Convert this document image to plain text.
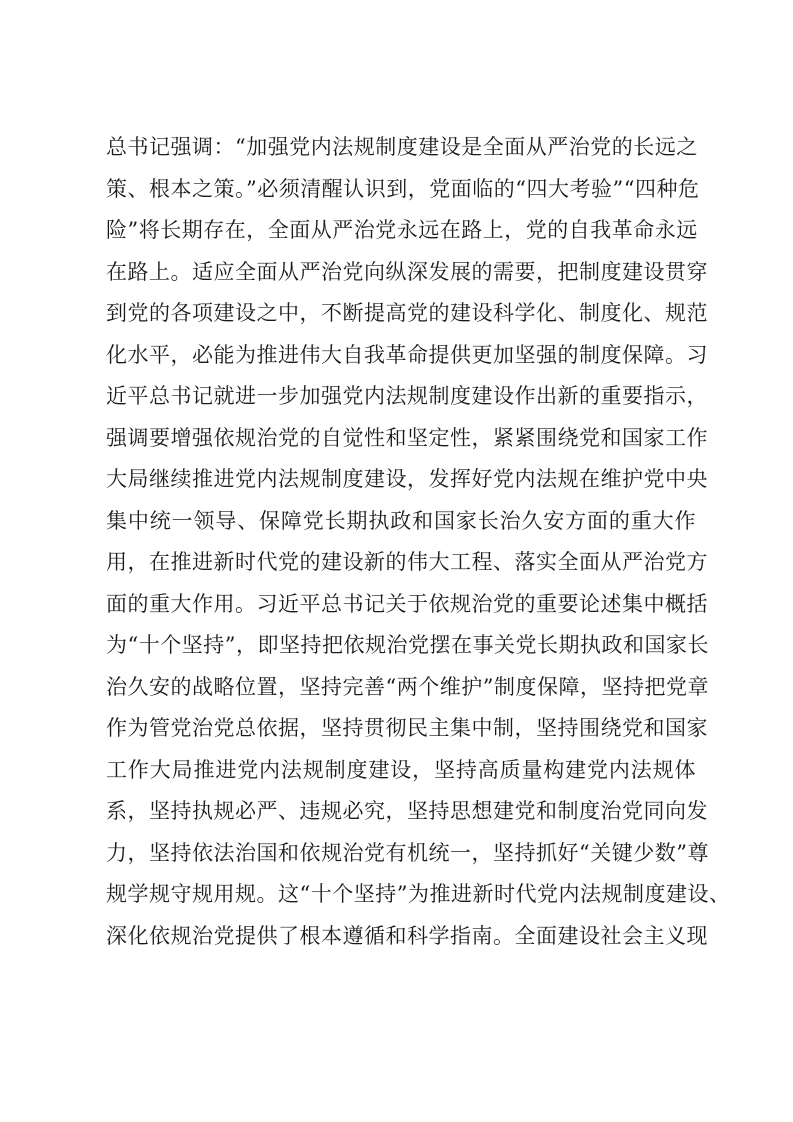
总书记强调：“加强党内法规制度建设是全面从严治党的长远之
策、根本之策。”必须清醒认识到，党面临的“四大考验”“四种危
险”将长期存在，全面从严治党永远在路上，党的自我革命永远
在路上。适应全面从严治党向纵深发展的需要，把制度建设贯穿
到党的各项建设之中，不断提高党的建设科学化、制度化、规范
化水平，必能为推进伟大自我革命提供更加坚强的制度保障。习
近平总书记就进一步加强党内法规制度建设作出新的重要指示，
强调要增强依规治党的自觉性和坚定性，紧紧围绕党和国家工作
大局继续推进党内法规制度建设，发挥好党内法规在维护党中央
集中统一领导、保障党长期执政和国家长治久安方面的重大作
用，在推进新时代党的建设新的伟大工程、落实全面从严治党方
面的重大作用。习近平总书记关于依规治党的重要论述集中概括
为“十个坚持”，即坚持把依规治党摆在事关党长期执政和国家长
治久安的战略位置，坚持完善“两个维护”制度保障，坚持把党章
作为管党治党总依据，坚持贯彻民主集中制，坚持围绕党和国家
工作大局推进党内法规制度建设，坚持高质量构建党内法规体
系，坚持执规必严、违规必究，坚持思想建党和制度治党同向发
力，坚持依法治国和依规治党有机统一，坚持抓好“关键少数”尊
规学规守规用规。这“十个坚持”为推进新时代党内法规制度建设、
深化依规治党提供了根本遵循和科学指南。全面建设社会主义现
